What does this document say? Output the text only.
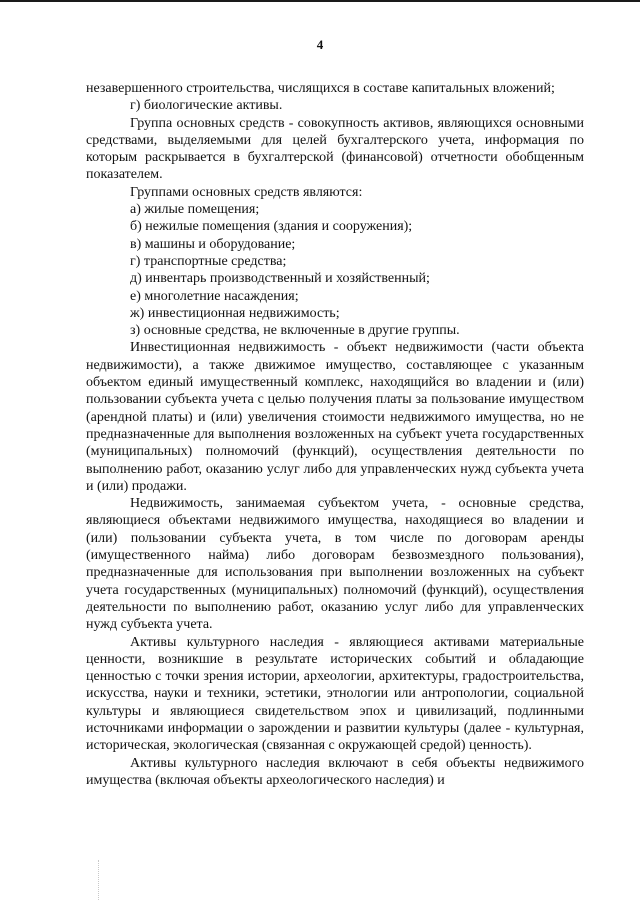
4

незавершенного строительства, числящихся в составе капитальных вложений;

г) биологические активы.

Группа основных средств - совокупность активов, являющихся основными средствами, выделяемыми для целей бухгалтерского учета, информация по которым раскрывается в бухгалтерской (финансовой) отчетности обобщенным показателем.

Группами основных средств являются:

а) жилые помещения;

б) нежилые помещения (здания и сооружения);

в) машины и оборудование;

г) транспортные средства;

д) инвентарь производственный и хозяйственный;

е) многолетние насаждения;

ж) инвестиционная недвижимость;

з) основные средства, не включенные в другие группы.

Инвестиционная недвижимость - объект недвижимости (части объекта недвижимости), а также движимое имущество, составляющее с указанным объектом единый имущественный комплекс, находящийся во владении и (или) пользовании субъекта учета с целью получения платы за пользование имуществом (арендной платы) и (или) увеличения стоимости недвижимого имущества, но не предназначенные для выполнения возложенных на субъект учета государственных (муниципальных) полномочий (функций), осуществления деятельности по выполнению работ, оказанию услуг либо для управленческих нужд субъекта учета и (или) продажи.

Недвижимость, занимаемая субъектом учета, - основные средства, являющиеся объектами недвижимого имущества, находящиеся во владении и (или) пользовании субъекта учета, в том числе по договорам аренды (имущественного найма) либо договорам безвозмездного пользования), предназначенные для использования при выполнении возложенных на субъект учета государственных (муниципальных) полномочий (функций), осуществления деятельности по выполнению работ, оказанию услуг либо для управленческих нужд субъекта учета.

Активы культурного наследия - являющиеся активами материальные ценности, возникшие в результате исторических событий и обладающие ценностью с точки зрения истории, археологии, архитектуры, градостроительства, искусства, науки и техники, эстетики, этнологии или антропологии, социальной культуры и являющиеся свидетельством эпох и цивилизаций, подлинными источниками информации о зарождении и развитии культуры (далее - культурная, историческая, экологическая (связанная с окружающей средой) ценность).

Активы культурного наследия включают в себя объекты недвижимого имущества (включая объекты археологического наследия) и
